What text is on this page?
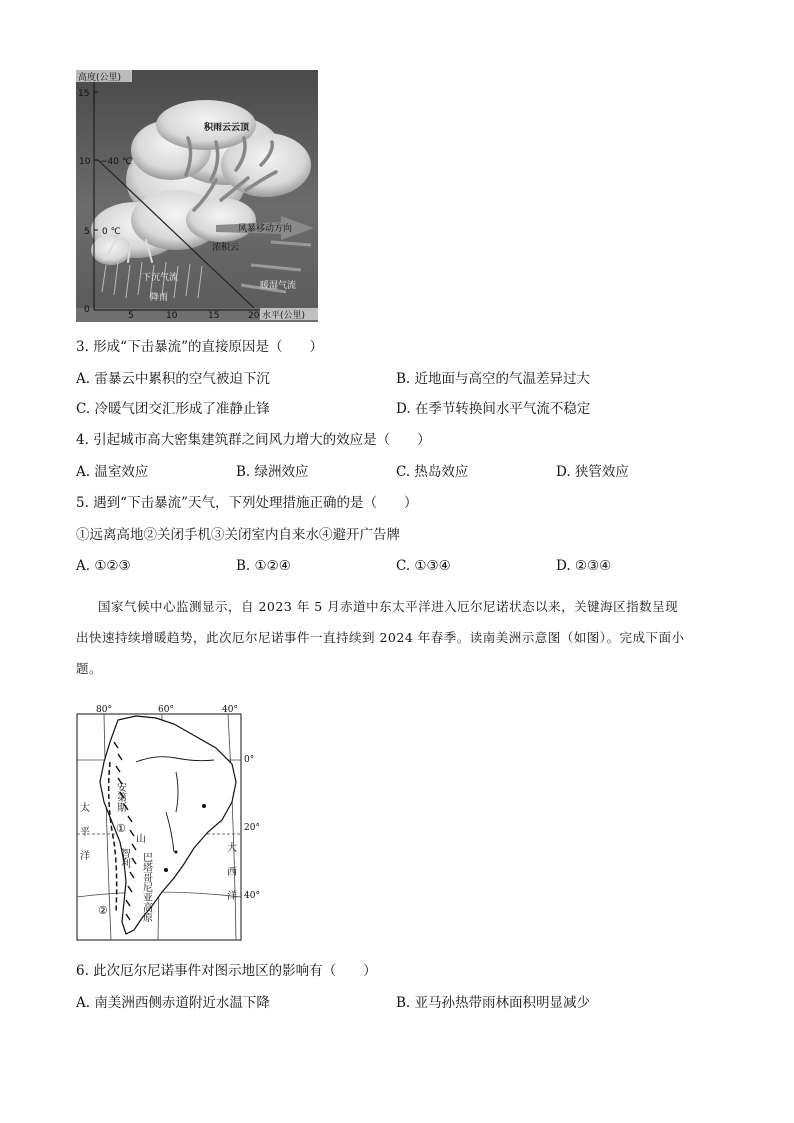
高度(公里)
15
10
5
0
5	10	15	20 水平(公里)
积雨云云顶
−40 ℃
0 ℃	风暴移动方向
浓积云
下沉气流
降雨
暖湿气流
3. 形成“下击暴流”的直接原因是（　　）
A. 雷暴云中累积的空气被迫下沉	B. 近地面与高空的气温差异过大
C. 冷暖气团交汇形成了准静止锋	D. 在季节转换间水平气流不稳定
4. 引起城市高大密集建筑群之间风力增大的效应是（　　）
A. 温室效应	B. 绿洲效应	C. 热岛效应	D. 狭管效应
5. 遇到“下击暴流”天气，下列处理措施正确的是（　　）
①远离高地②关闭手机③关闭室内自来水④避开广告牌
A. ①②③	B. ①②④	C. ①③④	D. ②③④
国家气候中心监测显示，自 2023 年 5 月赤道中东太平洋进入厄尔尼诺状态以来，关键海区指数呈现
出快速持续增暖趋势，此次厄尔尼诺事件一直持续到 2024 年春季。读南美洲示意图（如图）。完成下面小
题。
80°	60°	40°
0°
20°
40°
①
②
安第斯
山
太平洋
大西洋
智利 巴塔哥尼亚高原
6. 此次厄尔尼诺事件对图示地区的影响有（　　）
A. 南美洲西侧赤道附近水温下降	B. 亚马孙热带雨林面积明显减少
